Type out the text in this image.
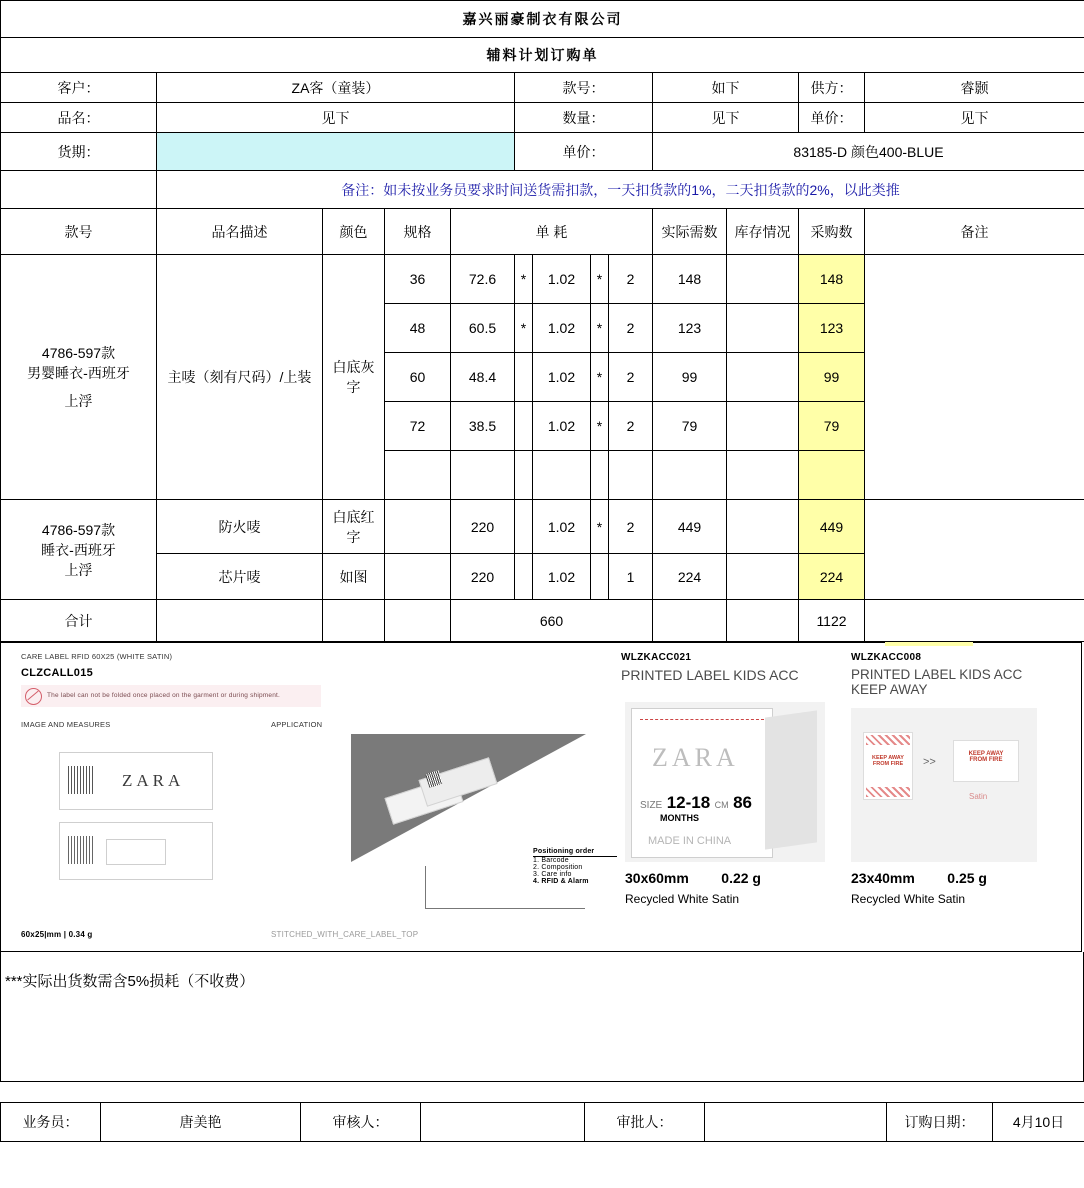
嘉兴丽豪制衣有限公司												
辅料计划订购单												
客户：	ZA客（童装）				款号：				如下		供方：	睿颢
品名：	见下				数量：				见下		单价：	见下
货期：					单价：				83185-D 颜色400-BLUE			
	备注：如未按业务员要求时间送货需扣款，一天扣货款的1%，二天扣货款的2%，以此类推											
款号	品名描述	颜色	规格	单 耗					实际需数	库存情况	采购数	备注

4786-597款
男婴睡衣-西班牙
上浮	主唛（刻有尺码）/上装	白底灰字	36	72.6	*	1.02	*	2	148		148	
			48	60.5	*	1.02	*	2	123		123	
			60	48.4		1.02	*	2	99		99	
			72	38.5		1.02	*	2	79		79	

4786-597款
睡衣-西班牙
上浮	防火唛	白底红字		220		1.02	*	2	449		449	
	芯片唛	如图		220		1.02		1	224		224	
合计				660							1122	
CARE LABEL RFID 60X25 (WHITE SATIN)
CLZCALL015
The label can not be folded once placed on the garment or during shipment.
IMAGE AND MEASURES	APPLICATION
ZARA
Positioning order
1. Barcode
2. Composition
3. Care info
4. RFID & Alarm
60x25|mm | 0.34 g	STITCHED_WITH_CARE_LABEL_TOP
WLZKACC021
PRINTED LABEL KIDS ACC
ZARA
SIZE 12-18 CM 86
MONTHS
MADE IN CHINA
30x60mm 0.22 g
Recycled White Satin
WLZKACC008
PRINTED LABEL KIDS ACC
KEEP AWAY
KEEP AWAY
FROM FIRE	>>
KEEP AWAY
FROM FIRE
Satin
23x40mm 0.25 g
Recycled White Satin
***实际出货数需含5%损耗（不收费）
业务员：	唐美艳	审核人：		审批人：		订购日期：	4月10日
